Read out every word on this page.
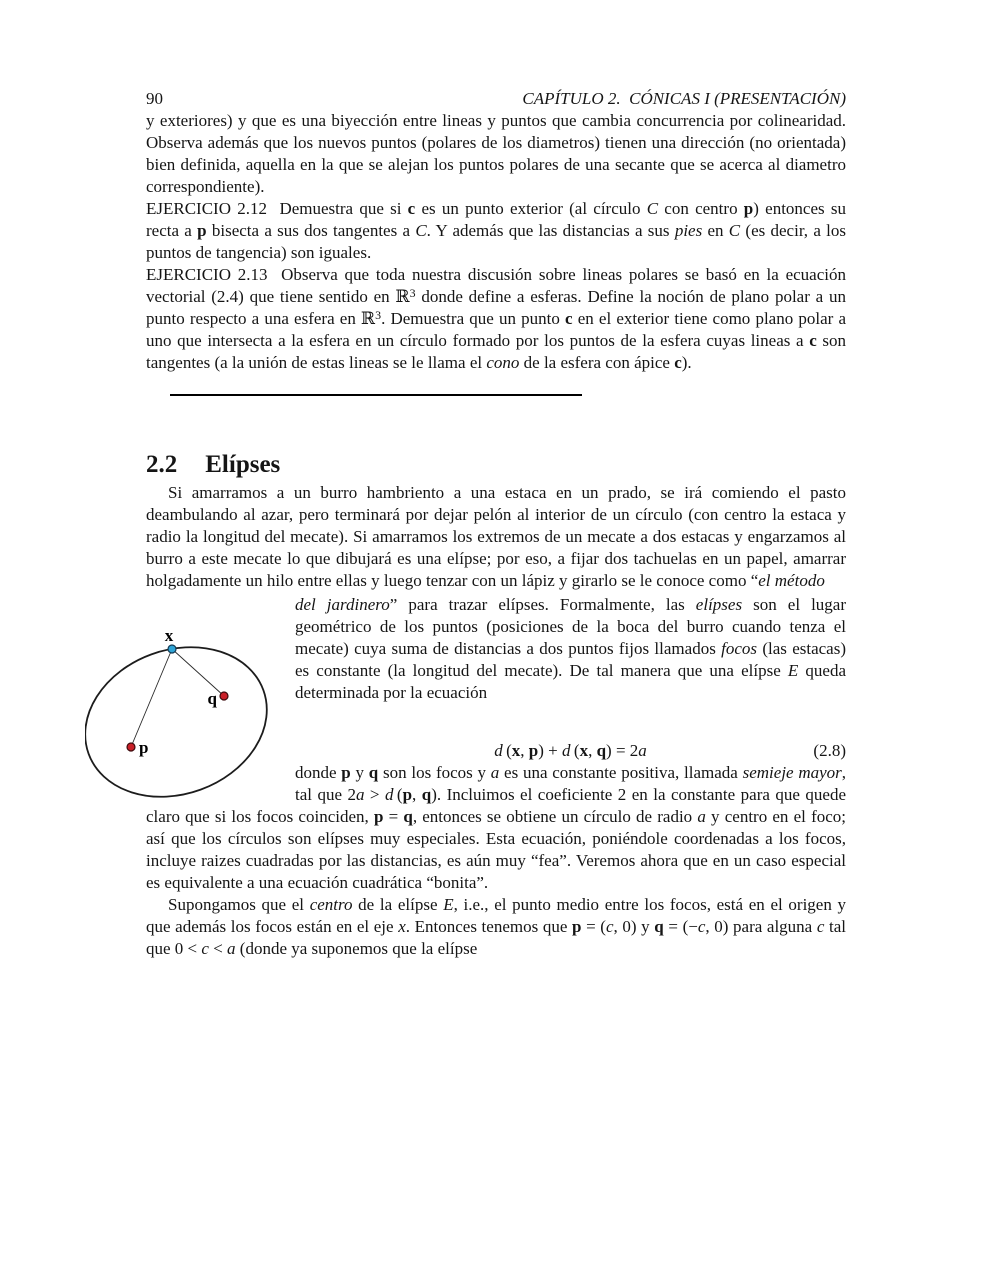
90	CAPÍTULO 2.  CÓNICAS I (PRESENTACIÓN)

y exteriores) y que es una biyección entre lineas y puntos que cambia concurrencia por colinearidad. Observa además que los nuevos puntos (polares de los diametros) tienen una dirección (no orientada) bien definida, aquella en la que se alejan los puntos polares de una secante que se acerca al diametro correspondiente).

EJERCICIO 2.12  Demuestra que si c es un punto exterior (al círculo C con centro p) entonces su recta a p bisecta a sus dos tangentes a C. Y además que las distancias a sus pies en C (es decir, a los puntos de tangencia) son iguales.

EJERCICIO 2.13  Observa que toda nuestra discusión sobre lineas polares se basó en la ecuación vectorial (2.4) que tiene sentido en ℝ$^3$ donde define a esferas. Define la noción de plano polar a un punto respecto a una esfera en ℝ$^3$. Demuestra que un punto c en el exterior tiene como plano polar a uno que intersecta a la esfera en un círculo formado por los puntos de la esfera cuyas lineas a c son tangentes (a la unión de estas lineas se le llama el cono de la esfera con ápice c).

2.2 Elípses

Si amarramos a un burro hambriento a una estaca en un prado, se irá comiendo el pasto deambulando al azar, pero terminará por dejar pelón al interior de un círculo (con centro la estaca y radio la longitud del mecate). Si amarramos los extremos de un mecate a dos estacas y engarzamos al burro a este mecate lo que dibujará es una elípse; por eso, a fijar dos tachuelas en un papel, amarrar holgadamente un hilo entre ellas y luego tenzar con un lápiz y girarlo se le conoce como “el método

x
q
p

del jardinero” para trazar elípses. Formalmente, las elípses son el lugar geométrico de los puntos (posiciones de la boca del burro cuando tenza el mecate) cuya suma de distancias a dos puntos fijos llamados focos (las estacas) es constante (la longitud del mecate). De tal manera que una elípse E queda determinada por la ecuación

d (x, p) + d (x, q) = 2a	(2.8)

donde p y q son los focos y a es una constante positiva, llamada semieje mayor, tal que 2a > d (p, q). Incluimos el coeficiente 2 en la constante para que quede claro que si los focos coinciden, p = q, entonces se obtiene un círculo de radio a y centro en el foco; así que los círculos son elípses muy especiales. Esta ecuación, poniéndole coordenadas a los focos, incluye raizes cuadradas por las distancias, es aún muy “fea”. Veremos ahora que en un caso especial es equivalente a una ecuación cuadrática “bonita”.

Supongamos que el centro de la elípse E, i.e., el punto medio entre los focos, está en el origen y que además los focos están en el eje x. Entonces tenemos que p = (c, 0) y q = (−c, 0) para alguna c tal que 0 < c < a (donde ya suponemos que la elípse
